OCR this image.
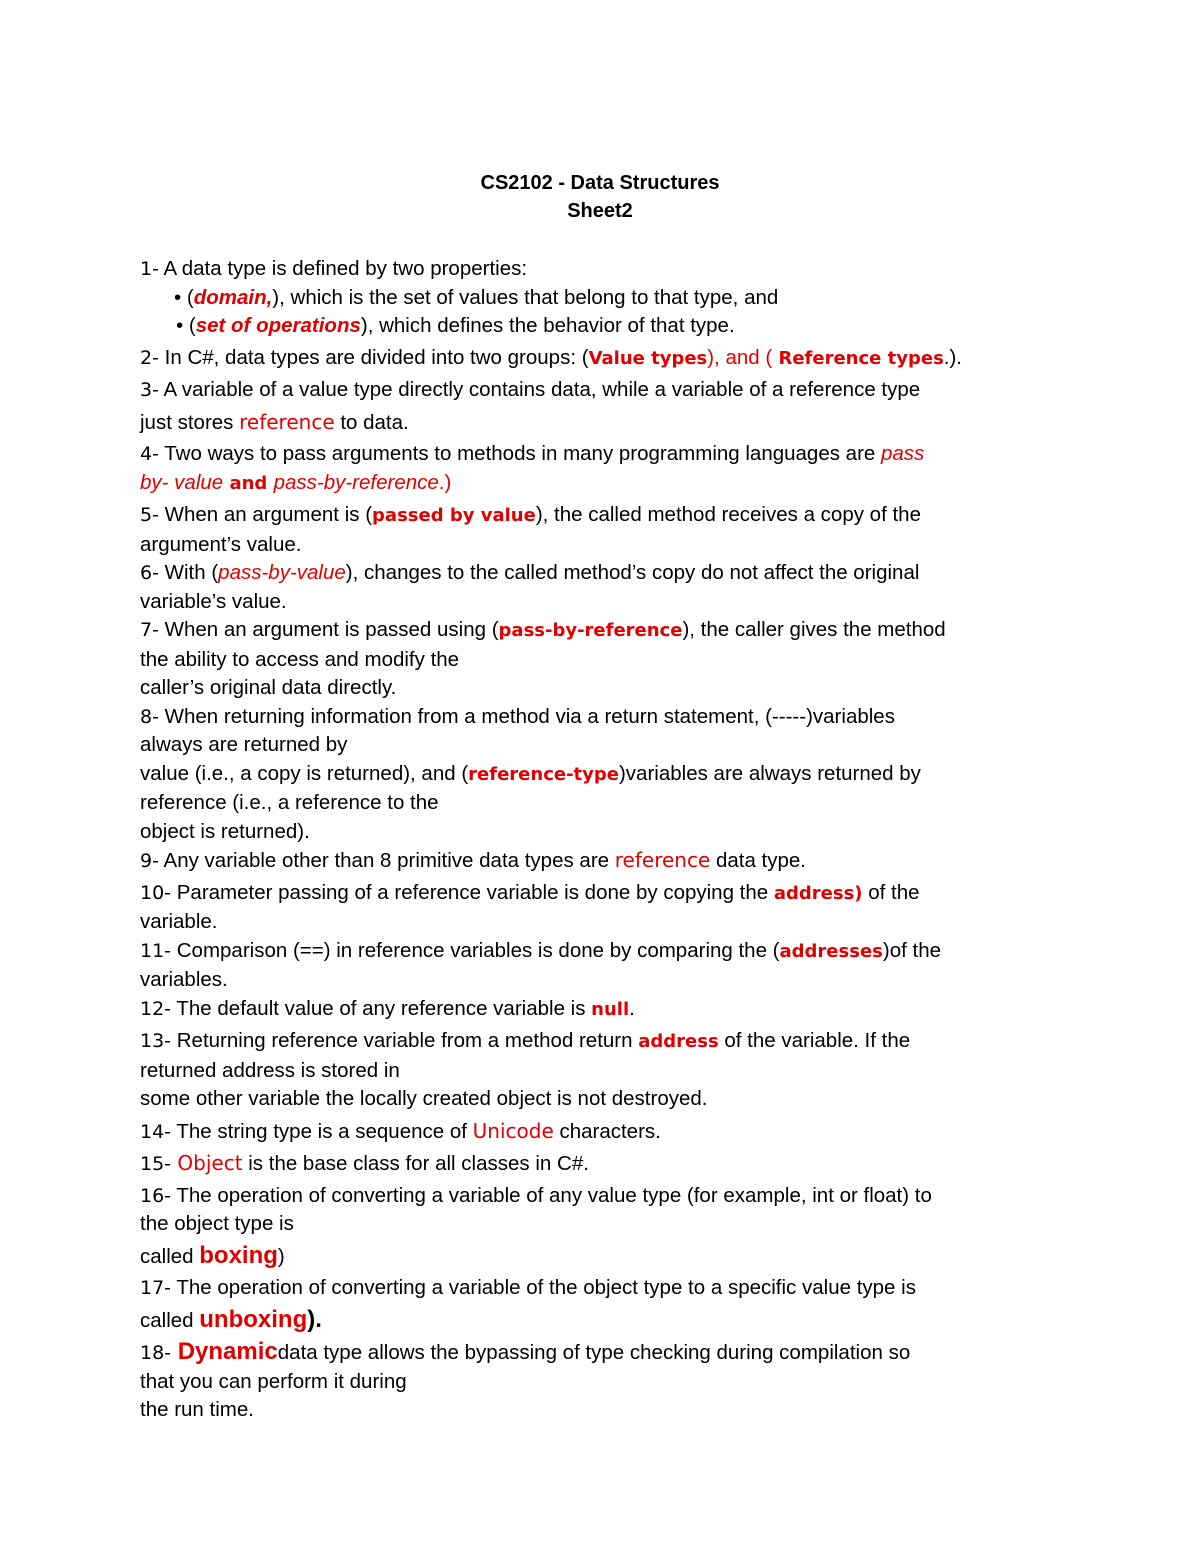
CS2102 - Data Structures
Sheet2

1- A data type is defined by two properties:

• (domain,), which is the set of values that belong to that type, and

• (set of operations), which defines the behavior of that type.

2- In C#, data types are divided into two groups: (Value types), and ( Reference types.).

3- A variable of a value type directly contains data, while a variable of a reference type

just stores reference to data.

4- Two ways to pass arguments to methods in many programming languages are pass

by- value and pass-by-reference.)

5- When an argument is (passed by value), the called method receives a copy of the

argument’s value.

6- With (pass-by-value), changes to the called method’s copy do not affect the original

variable’s value.

7- When an argument is passed using (pass-by-reference), the caller gives the method

the ability to access and modify the

caller’s original data directly.

8- When returning information from a method via a return statement, (-----)variables

always are returned by

value (i.e., a copy is returned), and (reference-type)variables are always returned by

reference (i.e., a reference to the

object is returned).

9- Any variable other than 8 primitive data types are reference data type.

10- Parameter passing of a reference variable is done by copying the address) of the

variable.

11- Comparison (==) in reference variables is done by comparing the (addresses)of the

variables.

12- The default value of any reference variable is null.

13- Returning reference variable from a method return address of the variable. If the

returned address is stored in

some other variable the locally created object is not destroyed.

14- The string type is a sequence of Unicode characters.

15- Object is the base class for all classes in C#.

16- The operation of converting a variable of any value type (for example, int or float) to

the object type is

called boxing)

17- The operation of converting a variable of the object type to a specific value type is

called unboxing).

18- Dynamicdata type allows the bypassing of type checking during compilation so

that you can perform it during

the run time.
